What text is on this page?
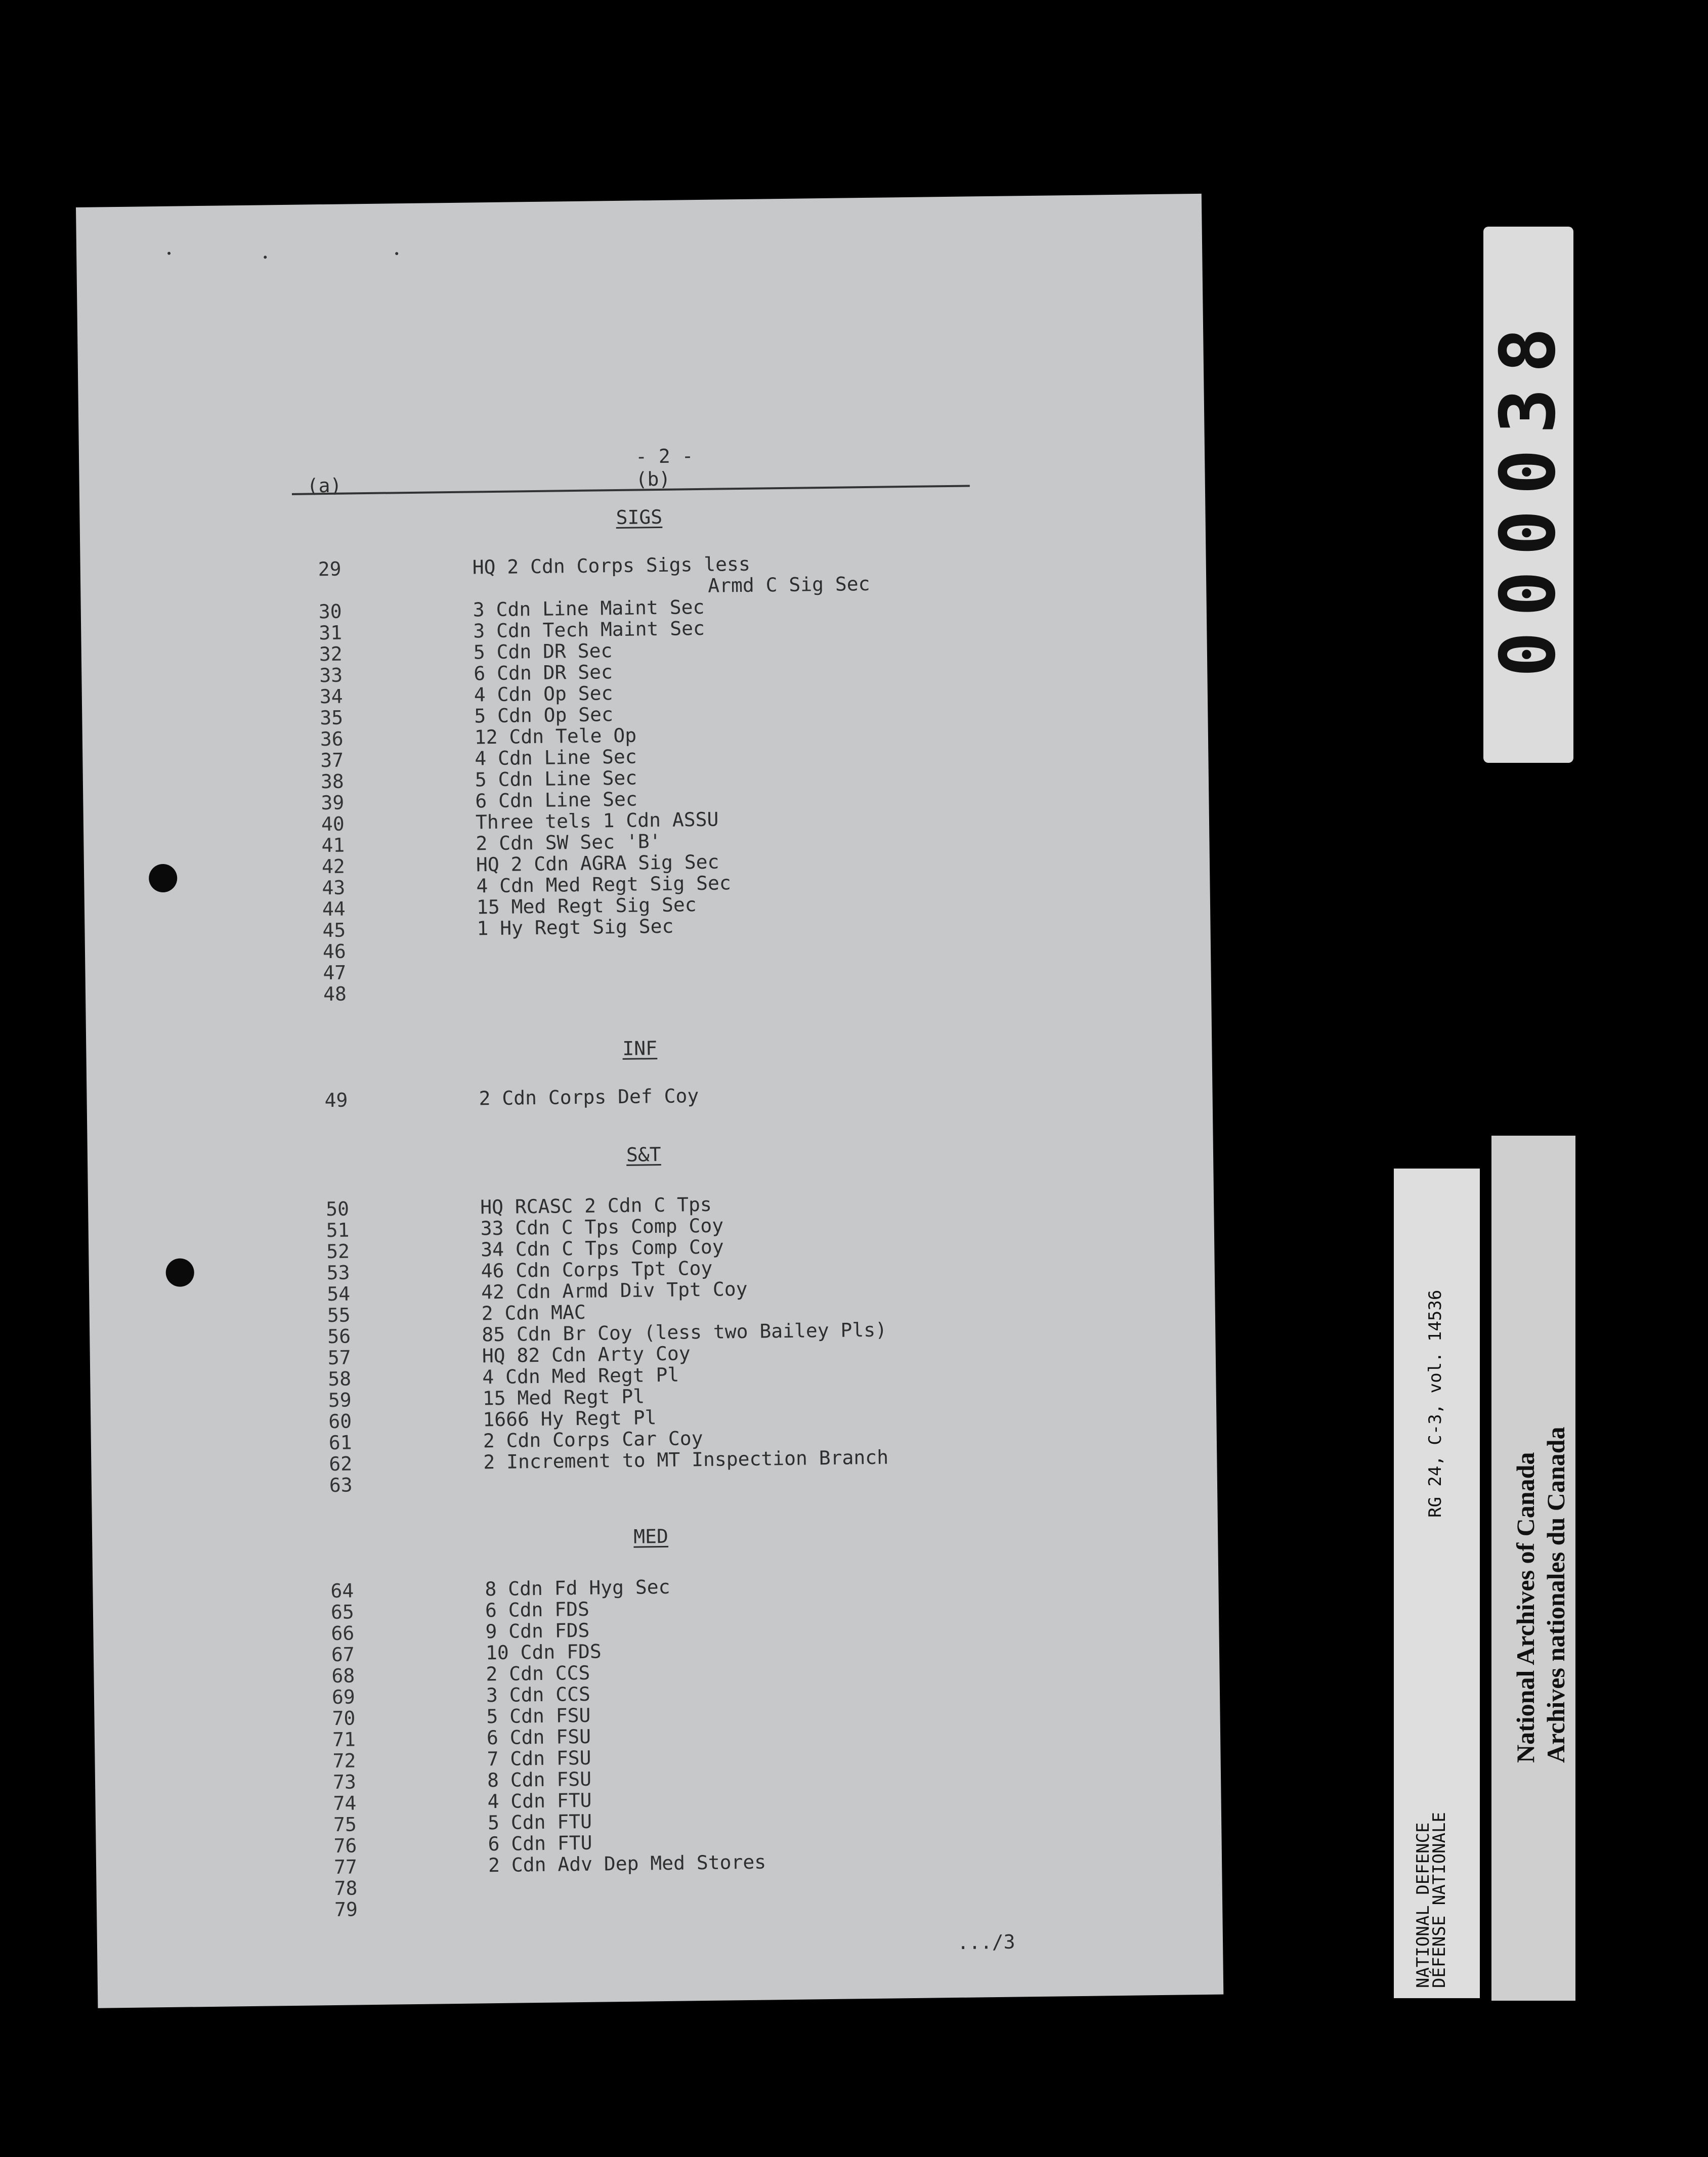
- 2 -
(a)	(b)
SIGS
29	HQ 2 Cdn Corps Sigs less
Armd C Sig Sec
30	3 Cdn Line Maint Sec
31	3 Cdn Tech Maint Sec
32	5 Cdn DR Sec
33	6 Cdn DR Sec
34	4 Cdn Op Sec
35	5 Cdn Op Sec
36	12 Cdn Tele Op
37	4 Cdn Line Sec
38	5 Cdn Line Sec
39	6 Cdn Line Sec
40	Three tels 1 Cdn ASSU
41	2 Cdn SW Sec 'B'
42	HQ 2 Cdn AGRA Sig Sec
43	4 Cdn Med Regt Sig Sec
44	15 Med Regt Sig Sec
45	1 Hy Regt Sig Sec
46
47
48
INF
49	2 Cdn Corps Def Coy
S&T
50	HQ RCASC 2 Cdn C Tps
51	33 Cdn C Tps Comp Coy
52	34 Cdn C Tps Comp Coy
53	46 Cdn Corps Tpt Coy
54	42 Cdn Armd Div Tpt Coy
55	2 Cdn MAC
56	85 Cdn Br Coy (less two Bailey Pls)
57	HQ 82 Cdn Arty Coy
58	4 Cdn Med Regt Pl
59	15 Med Regt Pl
60	1666 Hy Regt Pl
61	2 Cdn Corps Car Coy
62	2 Increment to MT Inspection Branch
63
MED
64	8 Cdn Fd Hyg Sec
65	6 Cdn FDS
66	9 Cdn FDS
67	10 Cdn FDS
68	2 Cdn CCS
69	3 Cdn CCS
70	5 Cdn FSU
71	6 Cdn FSU
72	7 Cdn FSU
73	8 Cdn FSU
74	4 Cdn FTU
75	5 Cdn FTU
76	6 Cdn FTU
77	2 Cdn Adv Dep Med Stores
78
79
.../3
000038
NATIONAL DEFENCE
DÉFENSE NATIONALE
RG 24, C-3, vol. 14536
National Archives of Canada Archives nationales du Canada
